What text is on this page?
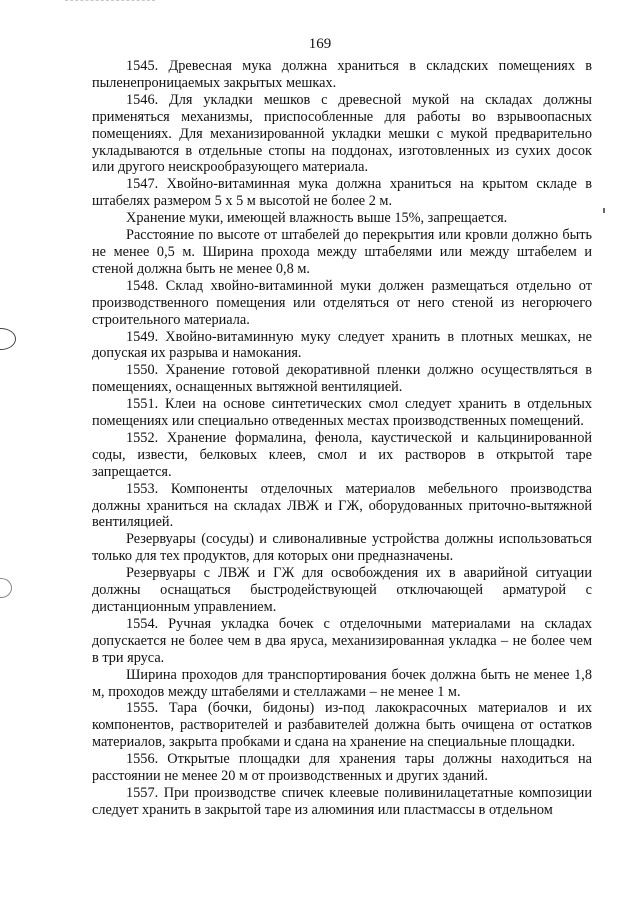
169

1545. Древесная мука должна храниться в складских помещениях в пыленепроницаемых закрытых мешках.

1546. Для укладки мешков с древесной мукой на складах должны применяться механизмы, приспособленные для работы во взрывоопасных помещениях. Для механизированной укладки мешки с мукой предварительно укладываются в отдельные стопы на поддонах, изготовленных из сухих досок или другого неискрообразующего материала.

1547. Хвойно-витаминная мука должна храниться на крытом складе в штабелях размером 5 х 5 м высотой не более 2 м.

Хранение муки, имеющей влажность выше 15%, запрещается.

Расстояние по высоте от штабелей до перекрытия или кровли должно быть не менее 0,5 м. Ширина прохода между штабелями или между штабелем и стеной должна быть не менее 0,8 м.

1548. Склад хвойно-витаминной муки должен размещаться отдельно от производственного помещения или отделяться от него стеной из негорючего строительного материала.

1549. Хвойно-витаминную муку следует хранить в плотных мешках, не допуская их разрыва и намокания.

1550. Хранение готовой декоративной пленки должно осуществляться в помещениях, оснащенных вытяжной вентиляцией.

1551. Клеи на основе синтетических смол следует хранить в отдельных помещениях или специально отведенных местах производственных помещений.

1552. Хранение формалина, фенола, каустической и кальцинированной соды, извести, белковых клеев, смол и их растворов в открытой таре запрещается.

1553. Компоненты отделочных материалов мебельного производства должны храниться на складах ЛВЖ и ГЖ, оборудованных приточно-вытяжной вентиляцией.

Резервуары (сосуды) и сливоналивные устройства должны использоваться только для тех продуктов, для которых они предназначены.

Резервуары с ЛВЖ и ГЖ для освобождения их в аварийной ситуации должны оснащаться быстродействующей отключающей арматурой с дистанционным управлением.

1554. Ручная укладка бочек с отделочными материалами на складах допускается не более чем в два яруса, механизированная укладка – не более чем в три яруса.

Ширина проходов для транспортирования бочек должна быть не менее 1,8 м, проходов между штабелями и стеллажами – не менее 1 м.

1555. Тара (бочки, бидоны) из-под лакокрасочных материалов и их компонентов, растворителей и разбавителей должна быть очищена от остатков материалов, закрыта пробками и сдана на хранение на специальные площадки.

1556. Открытые площадки для хранения тары должны находиться на расстоянии не менее 20 м от производственных и других зданий.

1557. При производстве спичек клеевые поливинилацетатные композиции следует хранить в закрытой таре из алюминия или пластмассы в отдельном
